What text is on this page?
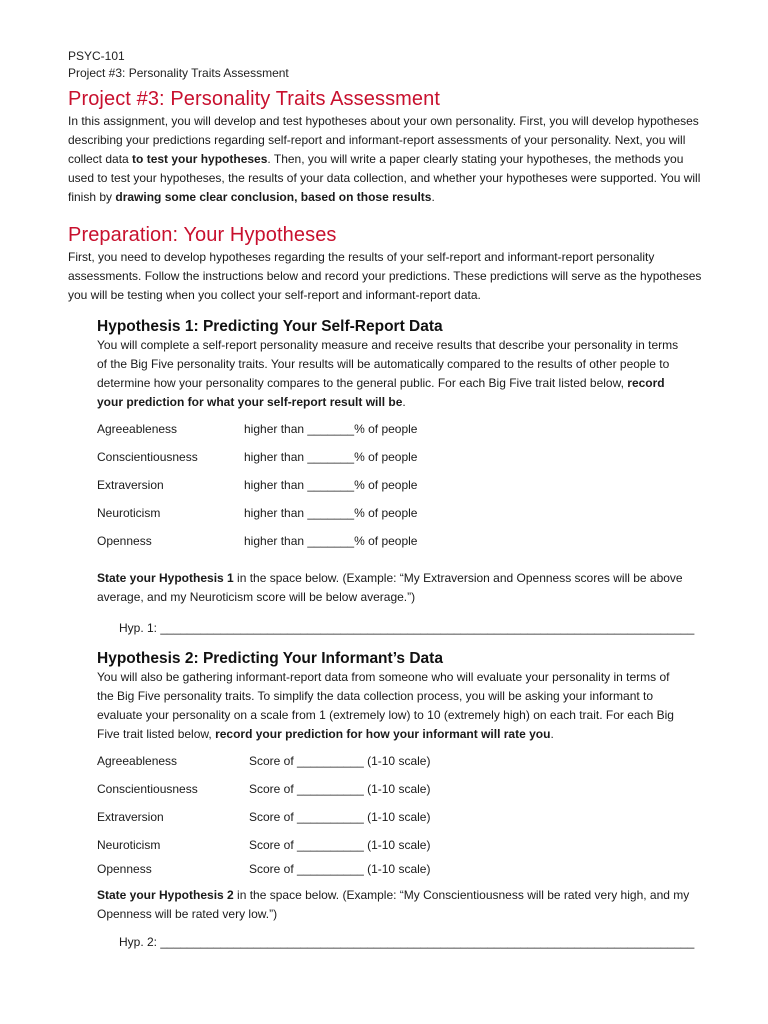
PSYC-101
Project #3: Personality Traits Assessment
Project #3: Personality Traits Assessment
In this assignment, you will develop and test hypotheses about your own personality. First, you will develop hypotheses describing your predictions regarding self-report and informant-report assessments of your personality. Next, you will collect data to test your hypotheses. Then, you will write a paper clearly stating your hypotheses, the methods you used to test your hypotheses, the results of your data collection, and whether your hypotheses were supported. You will finish by drawing some clear conclusion, based on those results.
Preparation: Your Hypotheses
First, you need to develop hypotheses regarding the results of your self-report and informant-report personality assessments. Follow the instructions below and record your predictions. These predictions will serve as the hypotheses you will be testing when you collect your self-report and informant-report data.
Hypothesis 1: Predicting Your Self-Report Data
You will complete a self-report personality measure and receive results that describe your personality in terms of the Big Five personality traits. Your results will be automatically compared to the results of other people to determine how your personality compares to the general public. For each Big Five trait listed below, record your prediction for what your self-report result will be.
Agreeableness	higher than _______% of people
Conscientiousness	higher than _______% of people
Extraversion	higher than _______% of people
Neuroticism	higher than _______% of people
Openness	higher than _______% of people
State your Hypothesis 1 in the space below. (Example: “My Extraversion and Openness scores will be above average, and my Neuroticism score will be below average.”)
Hyp. 1: ________________________________________________________________________________
Hypothesis 2: Predicting Your Informant’s Data
You will also be gathering informant-report data from someone who will evaluate your personality in terms of the Big Five personality traits. To simplify the data collection process, you will be asking your informant to evaluate your personality on a scale from 1 (extremely low) to 10 (extremely high) on each trait. For each Big Five trait listed below, record your prediction for how your informant will rate you.
Agreeableness	Score of __________ (1-10 scale)
Conscientiousness	Score of __________ (1-10 scale)
Extraversion	Score of __________ (1-10 scale)
Neuroticism	Score of __________ (1-10 scale)
Openness	Score of __________ (1-10 scale)
State your Hypothesis 2 in the space below. (Example: “My Conscientiousness will be rated very high, and my Openness will be rated very low.”)
Hyp. 2: ________________________________________________________________________________
